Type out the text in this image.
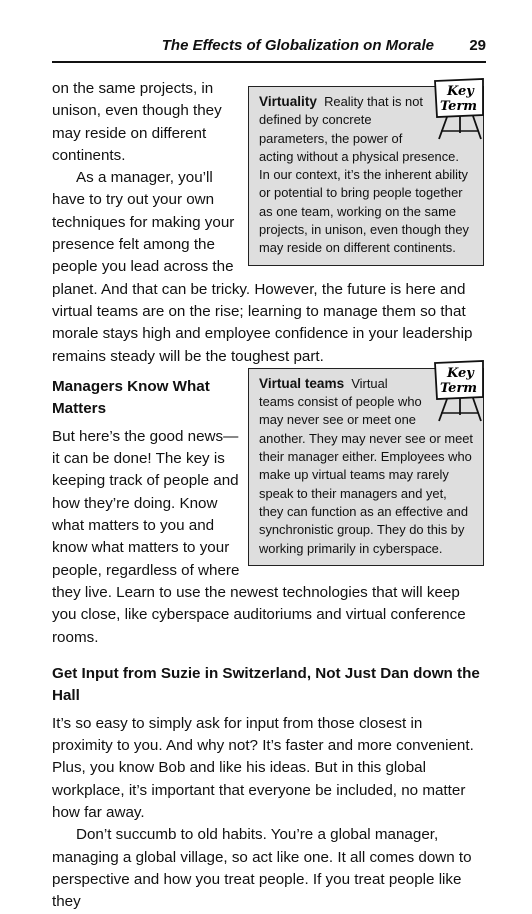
The Effects of Globalization on Morale 29
Key
Term
Virtuality Reality that is not defined by concrete parameters, the power of acting without a physical presence. In our context, it’s the inherent ability or potential to bring people together as one team, working on the same projects, in unison, even though they may reside on different continents.

on the same projects, in unison, even though they may reside on different continents.

As a manager, you’ll have to try out your own techniques for making your presence felt among the people you lead across the planet. And that can be tricky. However, the future is here and virtual teams are on the rise; learning to manage them so that morale stays high and employee confidence in your leadership remains steady will be the toughest part.

Key
Term
Virtual teams Virtual teams consist of people who may never see or meet one another. They may never see or meet their manager either. Employees who make up virtual teams may rarely speak to their managers and yet, they can function as an effective and synchronistic group. They do this by working primarily in cyberspace.
Managers Know What Matters

But here’s the good news—it can be done! The key is keeping track of people and how they’re doing. Know what matters to you and know what matters to your people, regardless of where they live. Learn to use the newest technologies that will keep you close, like cyberspace auditoriums and virtual conference rooms.

Get Input from Suzie in Switzerland, Not Just Dan down the Hall

It’s so easy to simply ask for input from those closest in proximity to you. And why not? It’s faster and more convenient. Plus, you know Bob and like his ideas. But in this global workplace, it’s important that everyone be included, no matter how far away.

Don’t succumb to old habits. You’re a global manager, managing a global village, so act like one. It all comes down to perspective and how you treat people. If you treat people like they
